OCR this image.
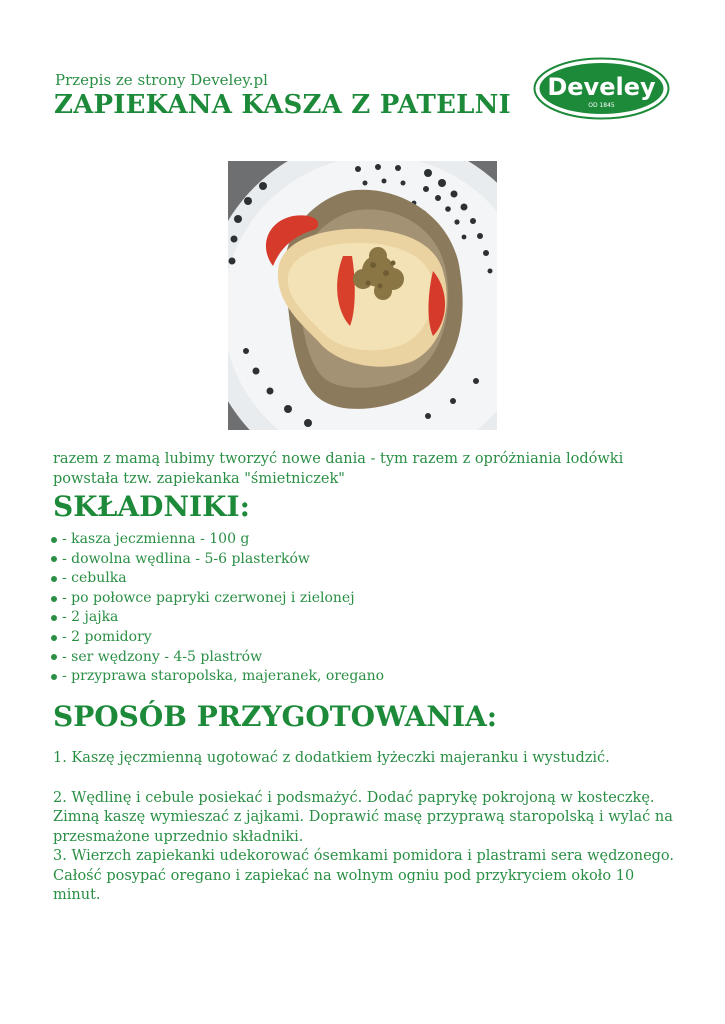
Przepis ze strony Develey.pl
ZAPIEKANA KASZA Z PATELNI
Develey
OD 1845

razem z mamą lubimy tworzyć nowe dania - tym razem z opróżniania lodówki powstała tzw. zapiekanka "śmietniczek"

SKŁADNIKI:
- kasza jeczmienna - 100 g
- dowolna wędlina - 5-6 plasterków
- cebulka
- po połowce papryki czerwonej i zielonej
- 2 jajka
- 2 pomidory
- ser wędzony - 4-5 plastrów
- przyprawa staropolska, majeranek, oregano
SPOSÓB PRZYGOTOWANIA:

1. Kaszę jęczmienną ugotować z dodatkiem łyżeczki majeranku i wystudzić.

2. Wędlinę i cebule posiekać i podsmażyć. Dodać paprykę pokrojoną w kosteczkę. Zimną kaszę wymieszać z jajkami. Doprawić masę przyprawą staropolską i wylać na przesmażone uprzednio składniki.

3. Wierzch zapiekanki udekorować ósemkami pomidora i plastrami sera wędzonego. Całość posypać oregano i zapiekać na wolnym ogniu pod przykryciem około 10 minut.
